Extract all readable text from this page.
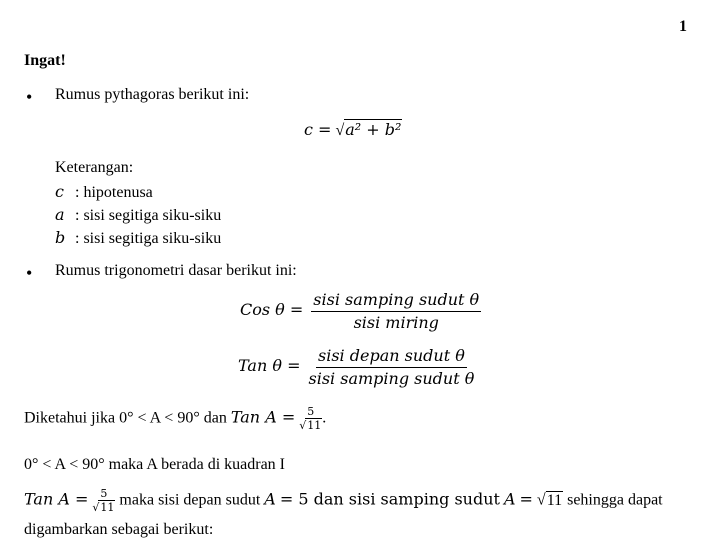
1
Ingat!
• Rumus pythagoras berikut ini:
c = √a² + b²
Keterangan:
c : hipotenusa
a : sisi segitiga siku-siku
b : sisi segitiga siku-siku
• Rumus trigonometri dasar berikut ini:
Cos $\theta = \frac{\text{sisi samping sudut θ}}{\text{sisi miring}}$
Tan $\theta = \frac{\text{sisi depan sudut θ}}{\text{sisi samping sudut θ}}$
Diketahui jika 0° < A < 90° dan Tan $A = \frac{5}{√11}$ .
0° < A < 90° maka A berada di kuadran I
Tan $A = \frac{5}{√11}$ maka sisi depan sudut A = 5 dan sisi samping sudut A = √11 sehingga dapat
digambarkan sebagai berikut:
